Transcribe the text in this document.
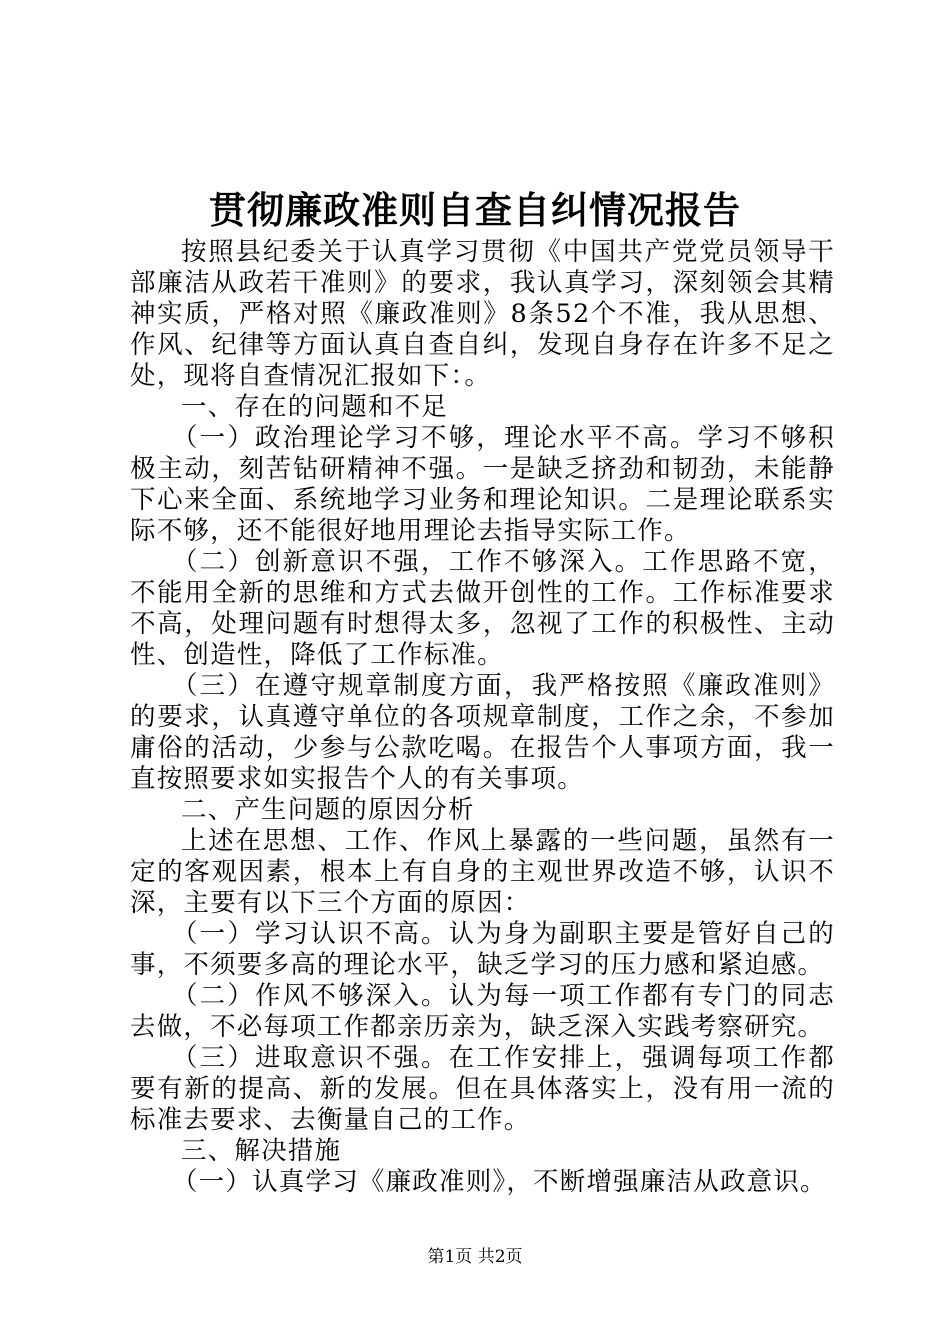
贯彻廉政准则自查自纠情况报告

按照县纪委关于认真学习贯彻《中国共产党党员领导干部廉洁从政若干准则》的要求，我认真学习，深刻领会其精神实质，严格对照《廉政准则》8条52个不准，我从思想、作风、纪律等方面认真自查自纠，发现自身存在许多不足之处，现将自查情况汇报如下：。

一、存在的问题和不足

（一）政治理论学习不够，理论水平不高。学习不够积极主动，刻苦钻研精神不强。一是缺乏挤劲和韧劲，未能静下心来全面、系统地学习业务和理论知识。二是理论联系实际不够，还不能很好地用理论去指导实际工作。

（二）创新意识不强，工作不够深入。工作思路不宽，不能用全新的思维和方式去做开创性的工作。工作标准要求不高，处理问题有时想得太多，忽视了工作的积极性、主动性、创造性，降低了工作标准。

（三）在遵守规章制度方面，我严格按照《廉政准则》的要求，认真遵守单位的各项规章制度，工作之余，不参加庸俗的活动，少参与公款吃喝。在报告个人事项方面，我一直按照要求如实报告个人的有关事项。

二、产生问题的原因分析

上述在思想、工作、作风上暴露的一些问题，虽然有一定的客观因素，根本上有自身的主观世界改造不够，认识不深，主要有以下三个方面的原因：

（一）学习认识不高。认为身为副职主要是管好自己的事，不须要多高的理论水平，缺乏学习的压力感和紧迫感。

（二）作风不够深入。认为每一项工作都有专门的同志去做，不必每项工作都亲历亲为，缺乏深入实践考察研究。

（三）进取意识不强。在工作安排上，强调每项工作都要有新的提高、新的发展。但在具体落实上，没有用一流的标准去要求、去衡量自己的工作。

三、解决措施

（一）认真学习《廉政准则》，不断增强廉洁从政意识。

第1页 共2页
